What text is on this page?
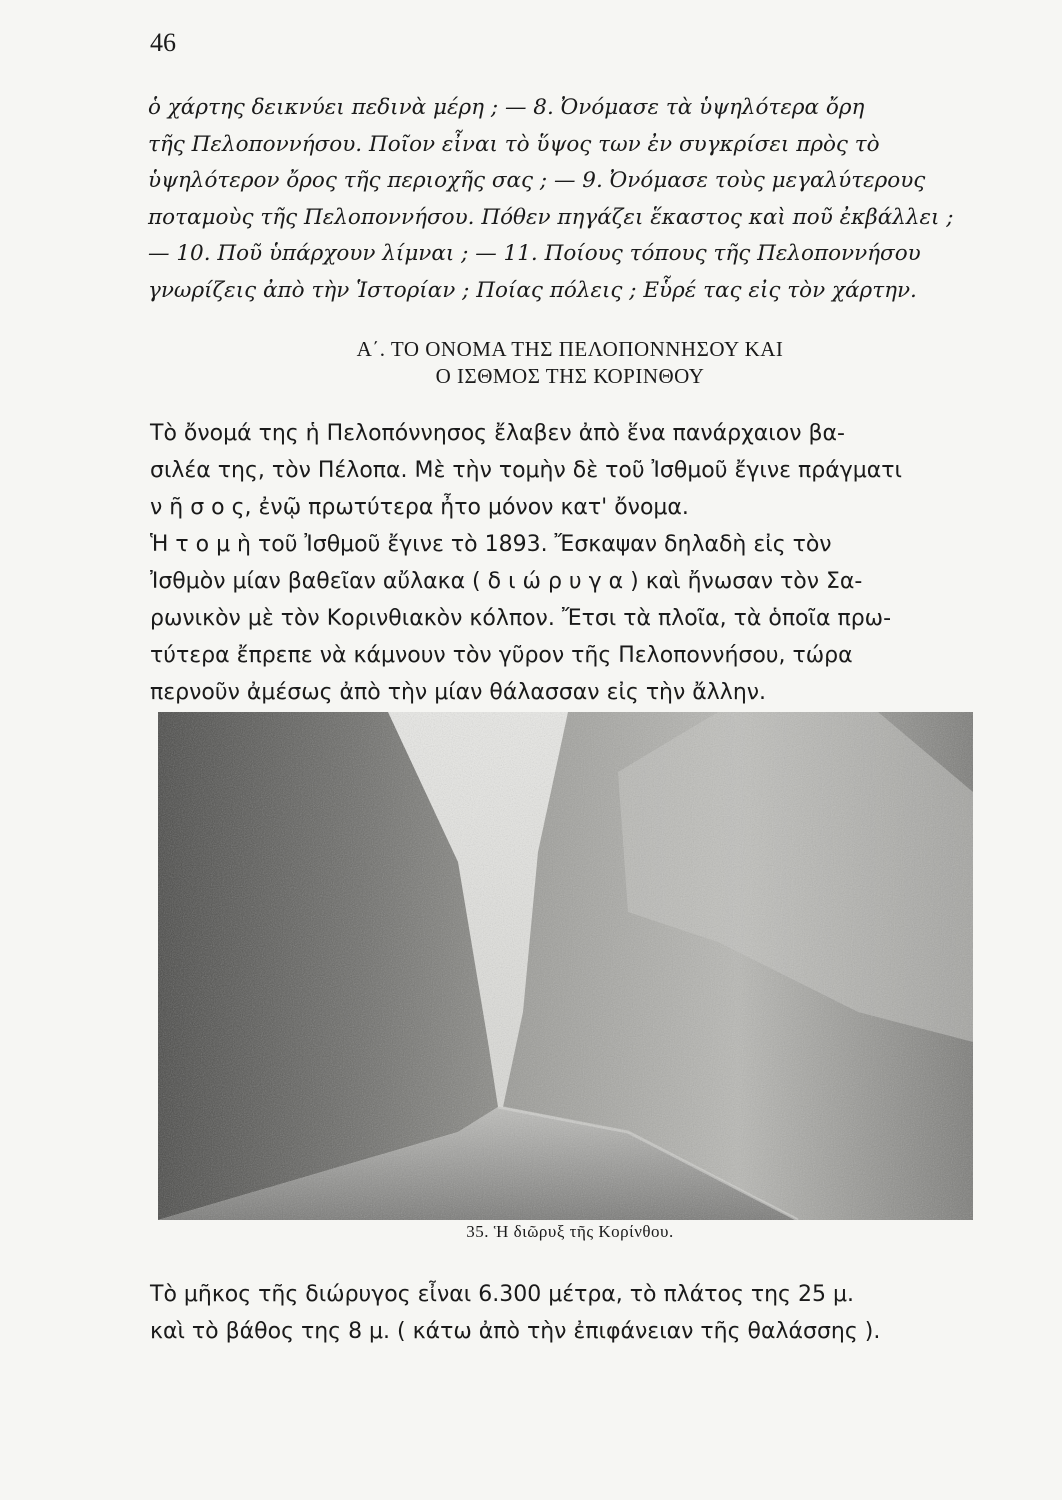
46
ὁ χάρτης δεικνύει πεδινὰ μέρη ; — 8. Ὀνόμασε τὰ ὑψηλότερα ὄρη
τῆς Πελοποννήσου. Ποῖον εἶναι τὸ ὕψος των ἐν συγκρίσει πρὸς τὸ
ὑψηλότερον ὄρος τῆς περιοχῆς σας ; — 9. Ὀνόμασε τοὺς μεγαλύτερους
ποταμοὺς τῆς Πελοποννήσου. Πόθεν πηγάζει ἕκαστος καὶ ποῦ ἐκβάλλει ;
— 10. Ποῦ ὑπάρχουν λίμναι ; — 11. Ποίους τόπους τῆς Πελοποννήσου
γνωρίζεις ἀπὸ τὴν Ἱστορίαν ; Ποίας πόλεις ; Εὗρέ τας εἰς τὸν χάρτην.
Α΄. ΤΟ ΟΝΟΜΑ ΤΗΣ ΠΕΛΟΠΟΝΝΗΣΟΥ ΚΑΙ
Ο ΙΣΘΜΟΣ ΤΗΣ ΚΟΡΙΝΘΟΥ
Τὸ ὄνομά της ἡ Πελοπόννησος ἔλαβεν ἀπὸ ἕνα πανάρχαιον βα-
σιλέα της, τὸν Πέλοπα. Μὲ τὴν τομὴν δὲ τοῦ Ἰσθμοῦ ἔγινε πράγματι
ν ῆ σ ο ς, ἐνῷ πρωτύτερα ἦτο μόνον κατ' ὄνομα.
Ἡ τ ο μ ὴ τοῦ Ἰσθμοῦ ἔγινε τὸ 1893. Ἔσκαψαν δηλαδὴ εἰς τὸν
Ἰσθμὸν μίαν βαθεῖαν αὔλακα ( δ ι ώ ρ υ γ α ) καὶ ἤνωσαν τὸν Σα-
ρωνικὸν μὲ τὸν Κορινθιακὸν κόλπον. Ἔτσι τὰ πλοῖα, τὰ ὁποῖα πρω-
τύτερα ἔπρεπε νὰ κάμνουν τὸν γῦρον τῆς Πελοποννήσου, τώρα
περνοῦν ἀμέσως ἀπὸ τὴν μίαν θάλασσαν εἰς τὴν ἄλλην.
35. Ἡ διῶρυξ τῆς Κορίνθου.
Τὸ μῆκος τῆς διώρυγος εἶναι 6.300 μέτρα, τὸ πλάτος της 25 μ.
καὶ τὸ βάθος της 8 μ. ( κάτω ἀπὸ τὴν ἐπιφάνειαν τῆς θαλάσσης ).
